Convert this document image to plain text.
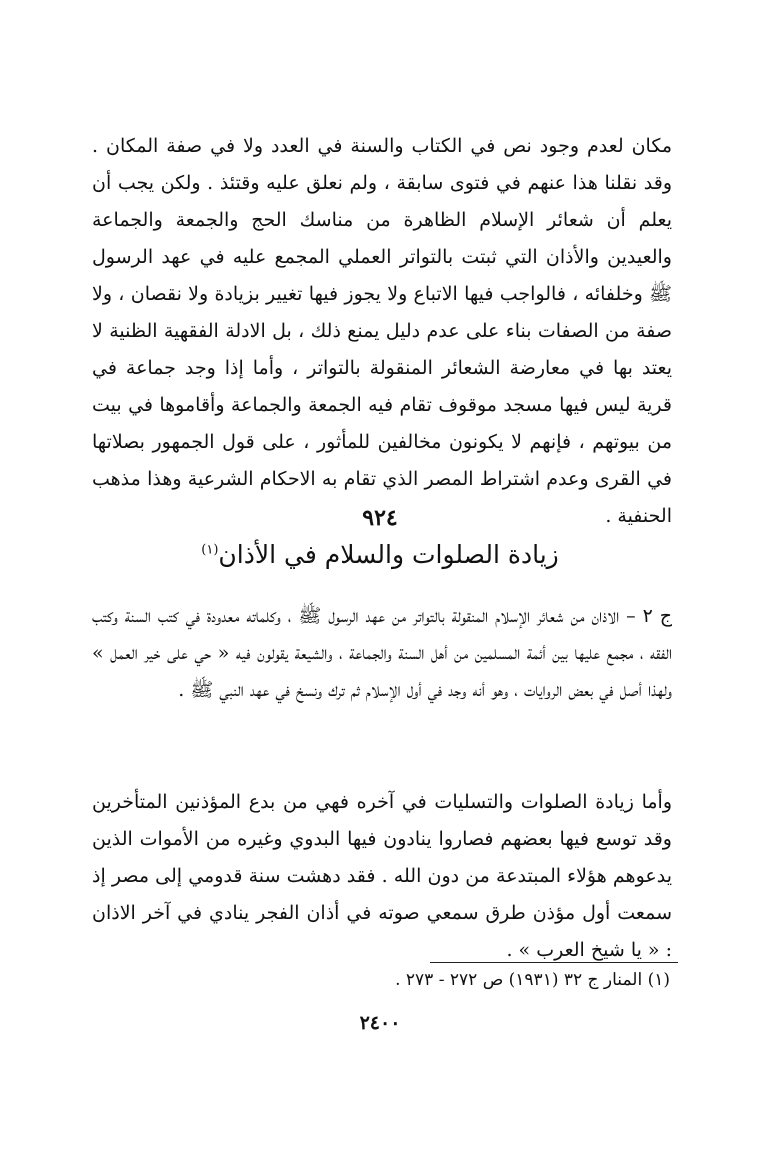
مكان لعدم وجود نص في الكتاب والسنة في العدد ولا في صفة المكان . وقد نقلنا هذا عنهم في فتوى سابقة ، ولم نعلق عليه وقتئذ . ولكن يجب أن يعلم أن شعائر الإسلام الظاهرة من مناسك الحج والجمعة والجماعة والعيدين والأذان التي ثبتت بالتواتر العملي المجمع عليه في عهد الرسول ﷺ وخلفائه ، فالواجب فيها الاتباع ولا يجوز فيها تغيير بزيادة ولا نقصان ، ولا صفة من الصفات بناء على عدم دليل يمنع ذلك ، بل الادلة الفقهية الظنية لا يعتد بها في معارضة الشعائر المنقولة بالتواتر ، وأما إذا وجد جماعة في قرية ليس فيها مسجد موقوف تقام فيه الجمعة والجماعة وأقاموها في بيت من بيوتهم ، فإنهم لا يكونون مخالفين للمأثور ، على قول الجمهور بصلاتها في القرى وعدم اشتراط المصر الذي تقام به الاحكام الشرعية وهذا مذهب الحنفية .

٩٢٤
زيادة الصلوات والسلام في الأذان$^{(١)}$

ج ٢ – الاذان من شعائر الإسلام المنقولة بالتواتر من عهد الرسول ﷺ ، وكلماته معدودة في كتب السنة وكتب الفقه ، مجمع عليها بين أئمة المسلمين من أهل السنة والجماعة ، والشيعة يقولون فيه « حي على خير العمل » ولهذا أصل في بعض الروايات ، وهو أنه وجد في أول الإسلام ثم ترك ونسخ في عهد النبي ﷺ .

وأما زيادة الصلوات والتسليات في آخره فهي من بدع المؤذنين المتأخرين وقد توسع فيها بعضهم فصاروا ينادون فيها البدوي وغيره من الأموات الذين يدعوهم هؤلاء المبتدعة من دون الله . فقد دهشت سنة قدومي إلى مصر إذ سمعت أول مؤذن طرق سمعي صوته في أذان الفجر ينادي في آخر الاذان : « يا شيخ العرب » .

(١) المنار ج ٣٢ (١٩٣١) ص ٢٧٢ - ٢٧٣ .
٢٤٠٠
